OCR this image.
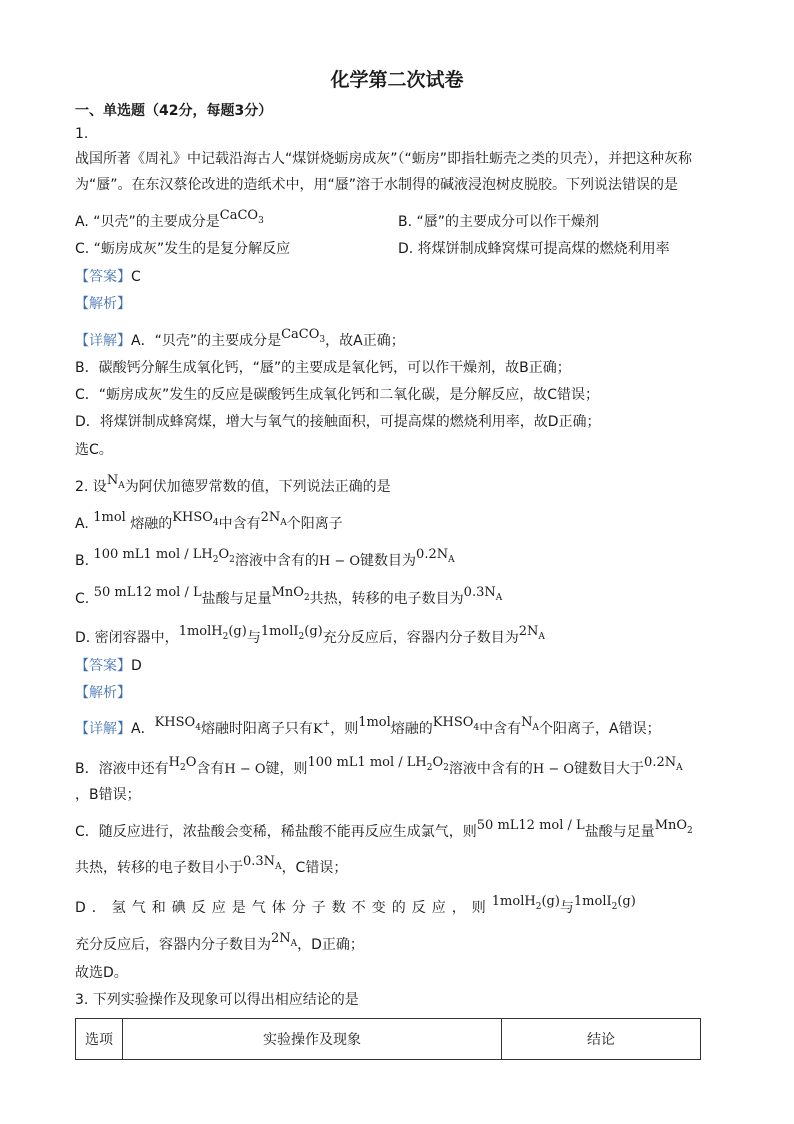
化学第二次试卷
一、单选题（42分，每题3分）
1.
战国所著《周礼》中记载沿海古人“煤饼烧蛎房成灰”（“蛎房”即指牡蛎壳之类的贝壳），并把这种灰称
为“蜃”。在东汉蔡伦改进的造纸术中，用“蜃”溶于水制得的碱液浸泡树皮脱胶。下列说法错误的是
A. “贝壳”的主要成分是CaCO$_3$	B. “蜃”的主要成分可以作干燥剂
C. “蛎房成灰”发生的是复分解反应	D. 将煤饼制成蜂窝煤可提高煤的燃烧利用率
【答案】C
【解析】
【详解】A．“贝壳”的主要成分是CaCO$_3$，故A正确；
B．碳酸钙分解生成氧化钙，“蜃”的主要成是氧化钙，可以作干燥剂，故B正确；
C．“蛎房成灰”发生的反应是碳酸钙生成氧化钙和二氧化碳，是分解反应，故C错误；
D．将煤饼制成蜂窝煤，增大与氧气的接触面积，可提高煤的燃烧利用率，故D正确；
选C。
2. 设$N_A$为阿伏加德罗常数的值，下列说法正确的是
A. 1mol 熔融的$KHSO_4$中含有$2N_A$个阳离子
B. 100 mL1 mol / $LH_2O_2$溶液中含有的H − O键数目为$0.2N_A$
C. 50 mL12 mol / L盐酸与足量MnO$_2$共热，转移的电子数目为$0.3N_A$
D. 密闭容器中，1molH$_2$(g)与1molI$_2$(g)充分反应后，容器内分子数目为$2N_A$
【答案】D
【解析】
【详解】A．$KHSO_4$熔融时阳离子只有K+，则1mol熔融的$KHSO_4$中含有$N_A$个阳离子，A错误；
B．溶液中还有$H_2O$含有H − O键，则100 mL1 mol / $LH_2O_2$溶液中含有的H − O键数目大于$0.2N_A$
，B错误；
C．随反应进行，浓盐酸会变稀，稀盐酸不能再反应生成氯气，则50 mL12 mol / L盐酸与足量MnO$_2$
共热，转移的电子数目小于$0.3N_A$，C错误；
D．氢气和碘反应是气体分子数不变的反应，则1molH$_2$(g)与1molI$_2$(g)
充分反应后，容器内分子数目为$2N_A$，D正确；
故选D。
3. 下列实验操作及现象可以得出相应结论的是
选项	实验操作及现象	结论
